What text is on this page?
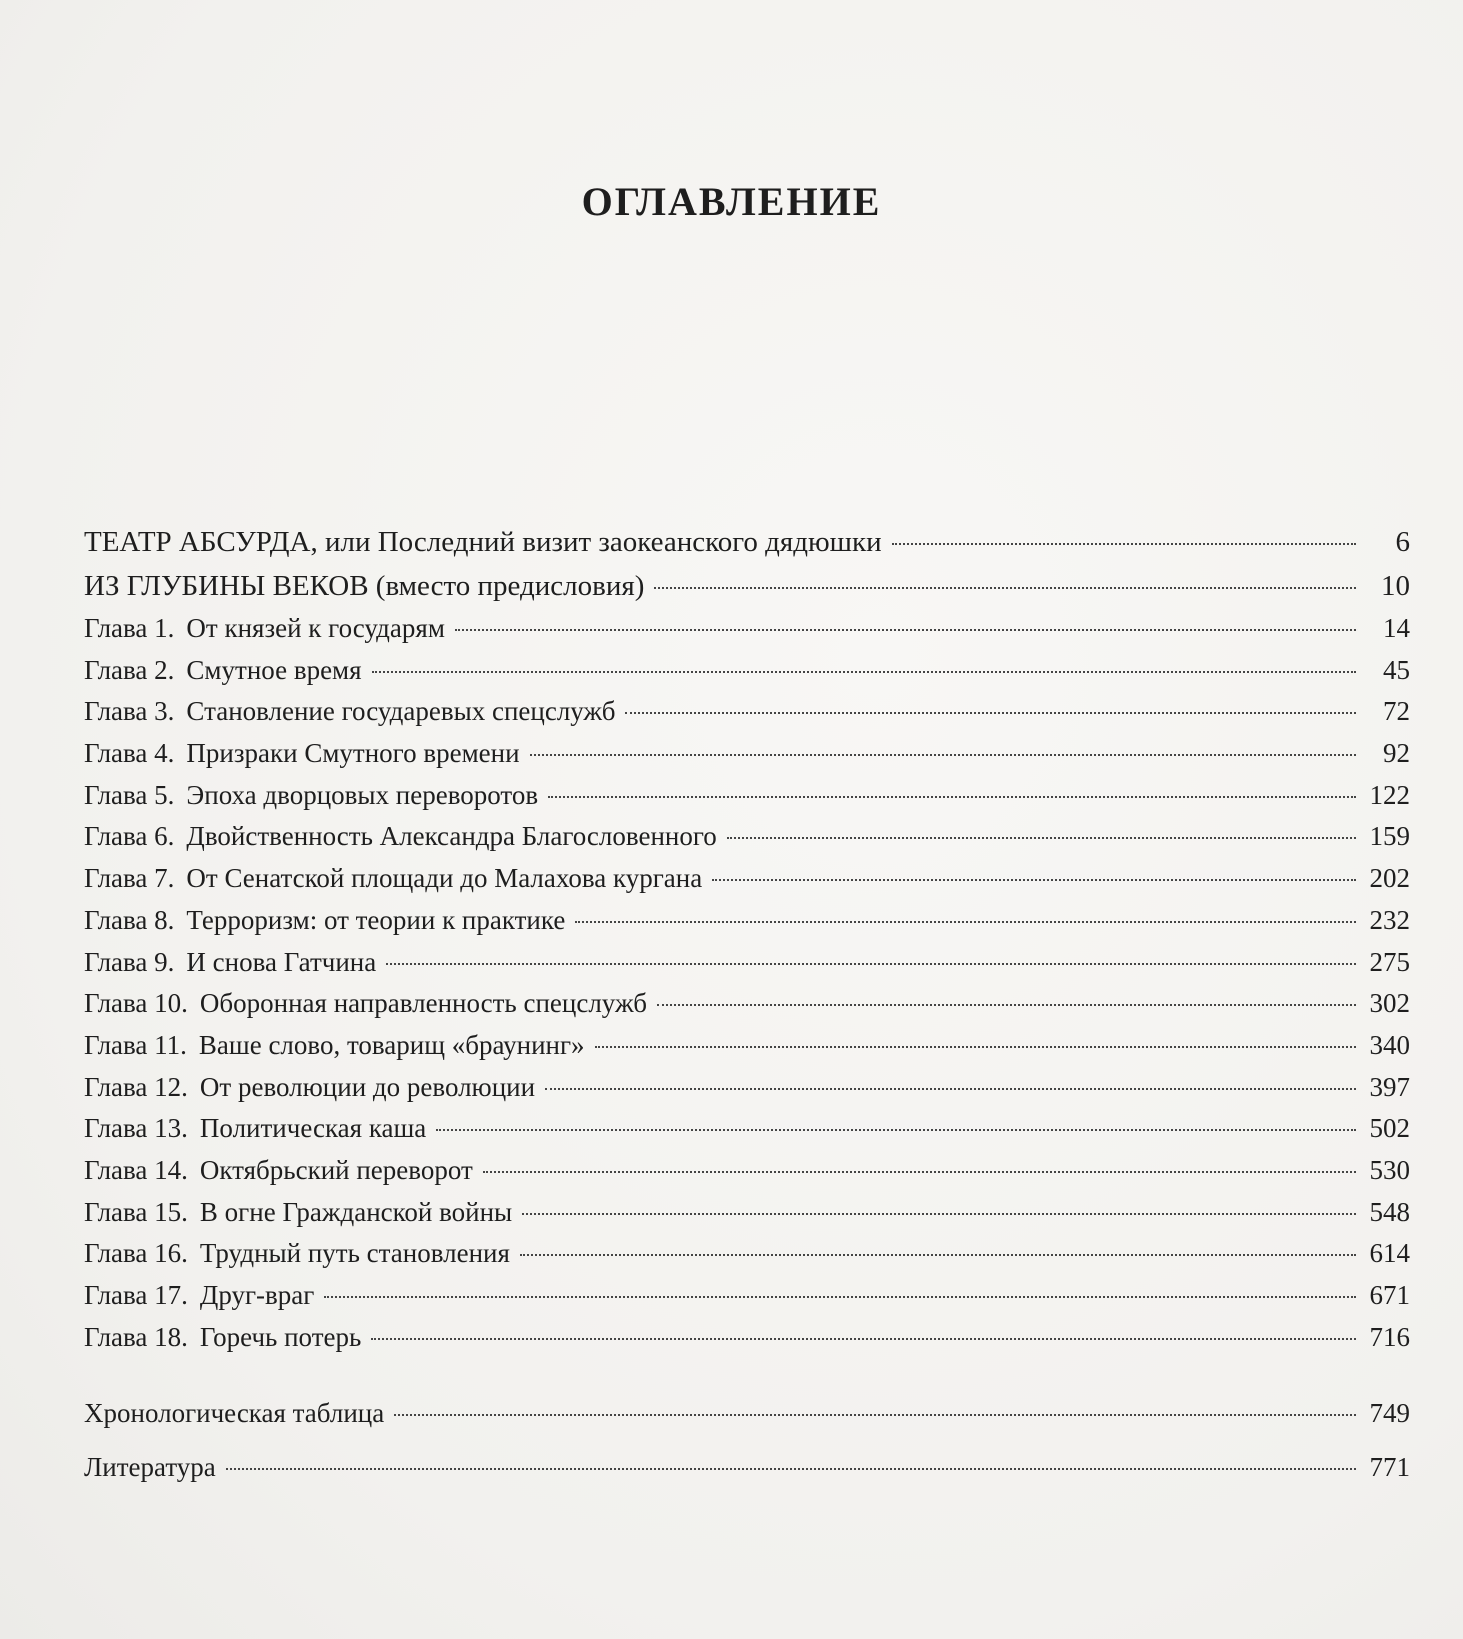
ОГЛАВЛЕНИЕ
ТЕАТР АБСУРДА, или Последний визит заокеанского дядюшки	6
ИЗ ГЛУБИНЫ ВЕКОВ (вместо предисловия)	10
Глава 1. От князей к государям	14
Глава 2. Смутное время	45
Глава 3. Становление государевых спецслужб	72
Глава 4. Призраки Смутного времени	92
Глава 5. Эпоха дворцовых переворотов	122
Глава 6. Двойственность Александра Благословенного	159
Глава 7. От Сенатской площади до Малахова кургана	202
Глава 8. Терроризм: от теории к практике	232
Глава 9. И снова Гатчина	275
Глава 10. Оборонная направленность спецслужб	302
Глава 11. Ваше слово, товарищ «браунинг»	340
Глава 12. От революции до революции	397
Глава 13. Политическая каша	502
Глава 14. Октябрьский переворот	530
Глава 15. В огне Гражданской войны	548
Глава 16. Трудный путь становления	614
Глава 17. Друг-враг	671
Глава 18. Горечь потерь	716
Хронологическая таблица	749
Литература	771
